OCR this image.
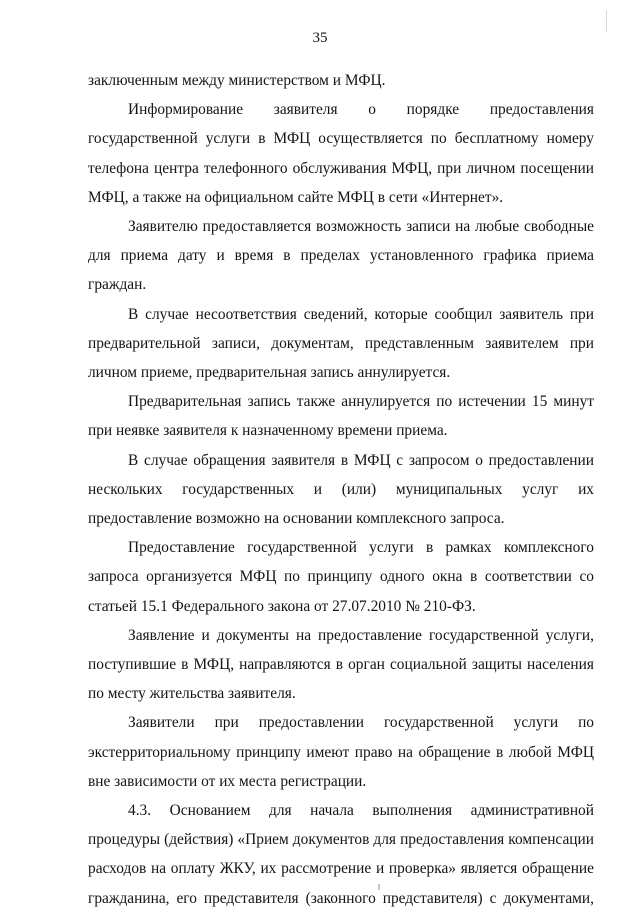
35

заключенным между министерством и МФЦ.

Информирование заявителя о порядке предоставления государственной услуги в МФЦ осуществляется по бесплатному номеру телефона центра телефонного обслуживания МФЦ, при личном посещении МФЦ, а также на официальном сайте МФЦ в сети «Интернет».

Заявителю предоставляется возможность записи на любые свободные для приема дату и время в пределах установленного графика приема граждан.

В случае несоответствия сведений, которые сообщил заявитель при предварительной записи, документам, представленным заявителем при личном приеме, предварительная запись аннулируется.

Предварительная запись также аннулируется по истечении 15 минут при неявке заявителя к назначенному времени приема.

В случае обращения заявителя в МФЦ с запросом о предоставлении нескольких государственных и (или) муниципальных услуг их предоставление возможно на основании комплексного запроса.

Предоставление государственной услуги в рамках комплексного запроса организуется МФЦ по принципу одного окна в соответствии со статьей 15.1 Федерального закона от 27.07.2010 № 210-ФЗ.

Заявление и документы на предоставление государственной услуги, поступившие в МФЦ, направляются в орган социальной защиты населения по месту жительства заявителя.

Заявители при предоставлении государственной услуги по экстерриториальному принципу имеют право на обращение в любой МФЦ вне зависимости от их места регистрации.

4.3. Основанием для начала выполнения административной процедуры (действия) «Прием документов для предоставления компенсации расходов на оплату ЖКУ, их рассмотрение и проверка» является обращение гражданина, его представителя (законного представителя) с документами,
